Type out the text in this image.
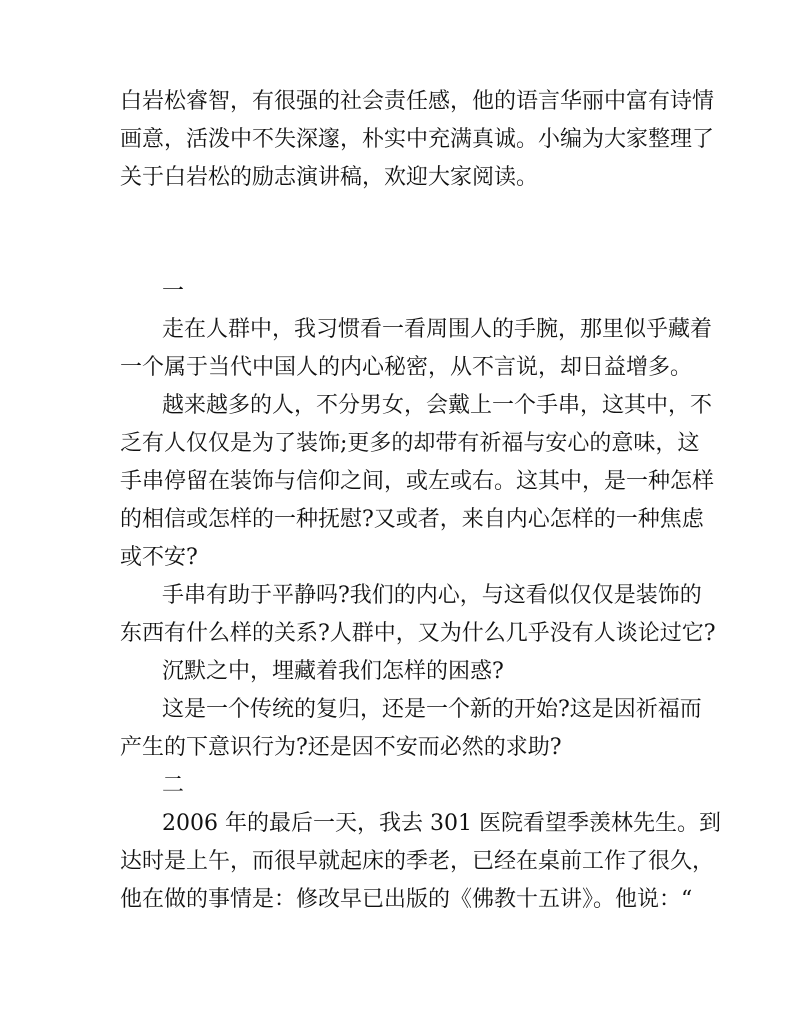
白岩松睿智，有很强的社会责任感，他的语言华丽中富有诗情
画意，活泼中不失深邃，朴实中充满真诚。小编为大家整理了
关于白岩松的励志演讲稿，欢迎大家阅读。
一
走在人群中，我习惯看一看周围人的手腕，那里似乎藏着
一个属于当代中国人的内心秘密，从不言说，却日益增多。
越来越多的人，不分男女，会戴上一个手串，这其中，不
乏有人仅仅是为了装饰;更多的却带有祈福与安心的意味，这
手串停留在装饰与信仰之间，或左或右。这其中，是一种怎样
的相信或怎样的一种抚慰?又或者，来自内心怎样的一种焦虑
或不安?
手串有助于平静吗?我们的内心，与这看似仅仅是装饰的
东西有什么样的关系?人群中，又为什么几乎没有人谈论过它?
沉默之中，埋藏着我们怎样的困惑?
这是一个传统的复归，还是一个新的开始?这是因祈福而
产生的下意识行为?还是因不安而必然的求助?
二
2006 年的最后一天，我去 301 医院看望季羡林先生。到
达时是上午，而很早就起床的季老，已经在桌前工作了很久，
他在做的事情是：修改早已出版的《佛教十五讲》。他说：“
